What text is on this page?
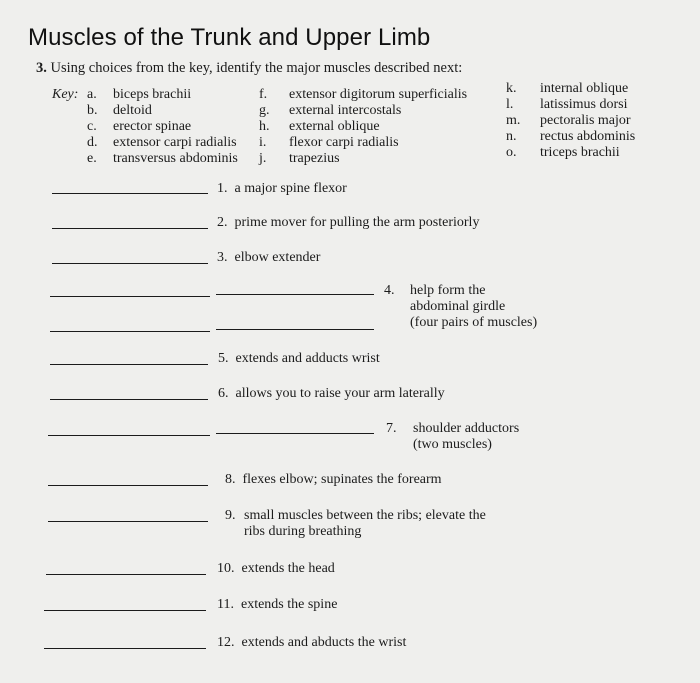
Muscles of the Trunk and Upper Limb
3. Using choices from the key, identify the major muscles described next:
Key: a. biceps brachii
b. deltoid
c. erector spinae
d. extensor carpi radialis
e. transversus abdominis
f. extensor digitorum superficialis
g. external intercostals
h. external oblique
i. flexor carpi radialis
j. trapezius
k. internal oblique
l. latissimus dorsi
m. pectoralis major
n. rectus abdominis
o. triceps brachii
1. a major spine flexor
2. prime mover for pulling the arm posteriorly
3. elbow extender
4. help form the
abdominal girdle
(four pairs of muscles)
5. extends and adducts wrist
6. allows you to raise your arm laterally
7. shoulder adductors
(two muscles)
8. flexes elbow; supinates the forearm
9. small muscles between the ribs; elevate the
ribs during breathing
10. extends the head
11. extends the spine
12. extends and abducts the wrist
